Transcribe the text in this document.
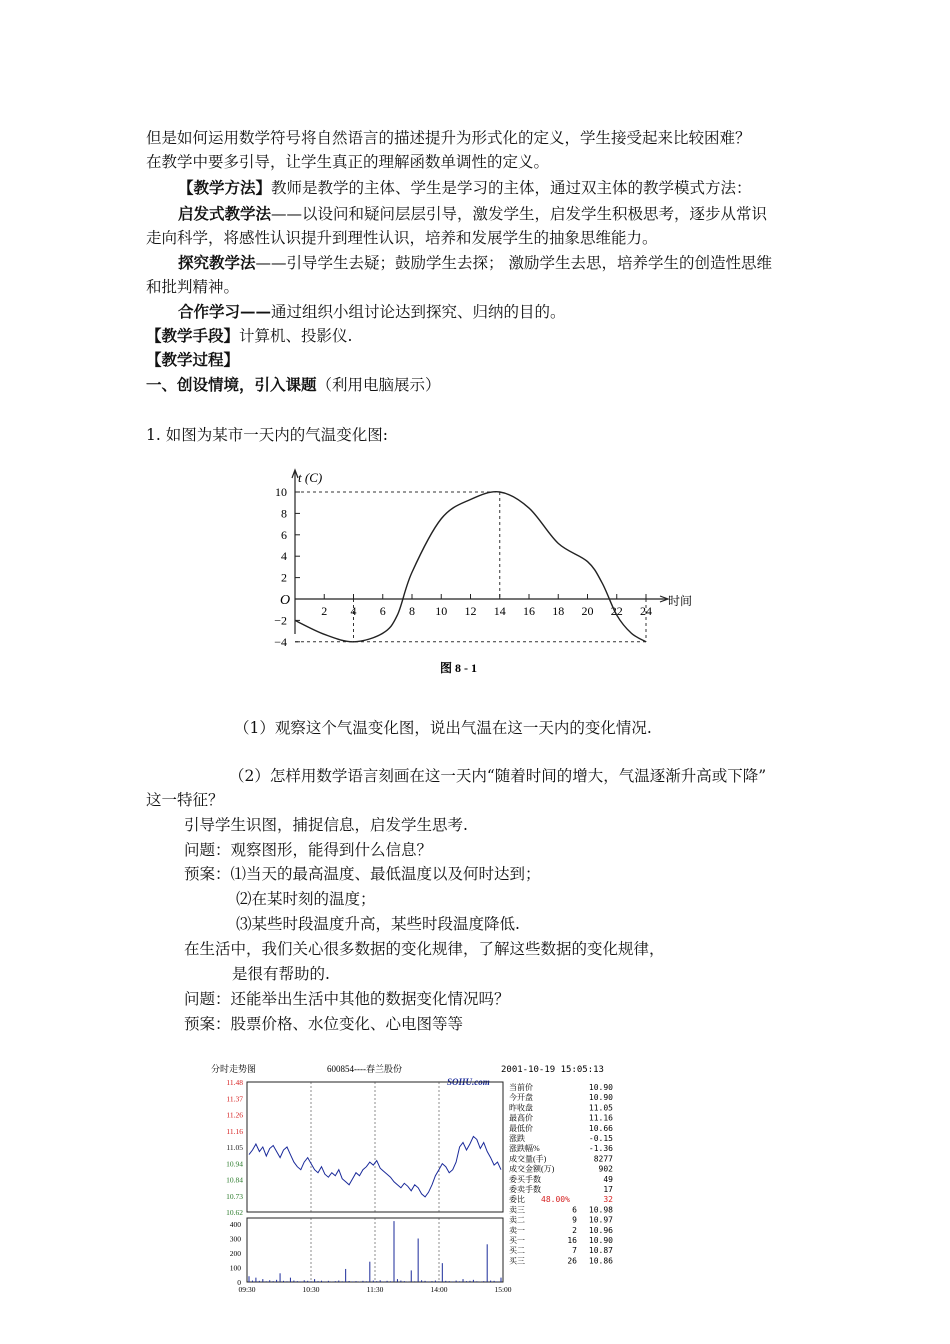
但是如何运用数学符号将自然语言的描述提升为形式化的定义，学生接受起来比较困难？
在教学中要多引导，让学生真正的理解函数单调性的定义。
【教学方法】教师是教学的主体、学生是学习的主体，通过双主体的教学模式方法：
启发式教学法——以设问和疑问层层引导，激发学生，启发学生积极思考，逐步从常识
走向科学，将感性认识提升到理性认识，培养和发展学生的抽象思维能力。
探究教学法——引导学生去疑；鼓励学生去探； 激励学生去思，培养学生的创造性思维
和批判精神。
合作学习——通过组织小组讨论达到探究、归纳的目的。
【教学手段】计算机、投影仪.
【教学过程】
一、创设情境，引入课题（利用电脑展示）
1. 如图为某市一天内的气温变化图:
t (C)
时间
O
图 8 - 1
10
8
6
4
2
−2
−4
2 4 6 8 10 12 14 16 18 20 22 24
（1）观察这个气温变化图，说出气温在这一天内的变化情况.
（2）怎样用数学语言刻画在这一天内“随着时间的增大，气温逐渐升高或下降”
这一特征？
引导学生识图，捕捉信息，启发学生思考.
问题：观察图形，能得到什么信息？
预案：⑴当天的最高温度、最低温度以及何时达到；
⑵在某时刻的温度；
⑶某些时段温度升高，某些时段温度降低.
在生活中，我们关心很多数据的变化规律，了解这些数据的变化规律，
是很有帮助的.
问题：还能举出生活中其他的数据变化情况吗？
预案：股票价格、水位变化、心电图等等
分时走势图	600854----春兰股份	2001-10-19 15:05:13
SOHU.com
11.48
11.37
11.26
11.16
11.05
10.94
10.84
10.73
10.62
400
300
200
100
0
09:30	10:30	11:30	14:00	15:00
当前价	10.90
今开盘	10.90
昨收盘	11.05
最高价	11.16
最低价	10.66
涨跌	-0.15
涨跌幅%	-1.36
成交量(手)	8277
成交金额(万)	902
委买手数	49
委卖手数	17
委比 48.00%	32
卖三	6 10.98
卖二	9 10.97
卖一	2 10.96
买一	16 10.90
买二	7 10.87
买三	26 10.86
